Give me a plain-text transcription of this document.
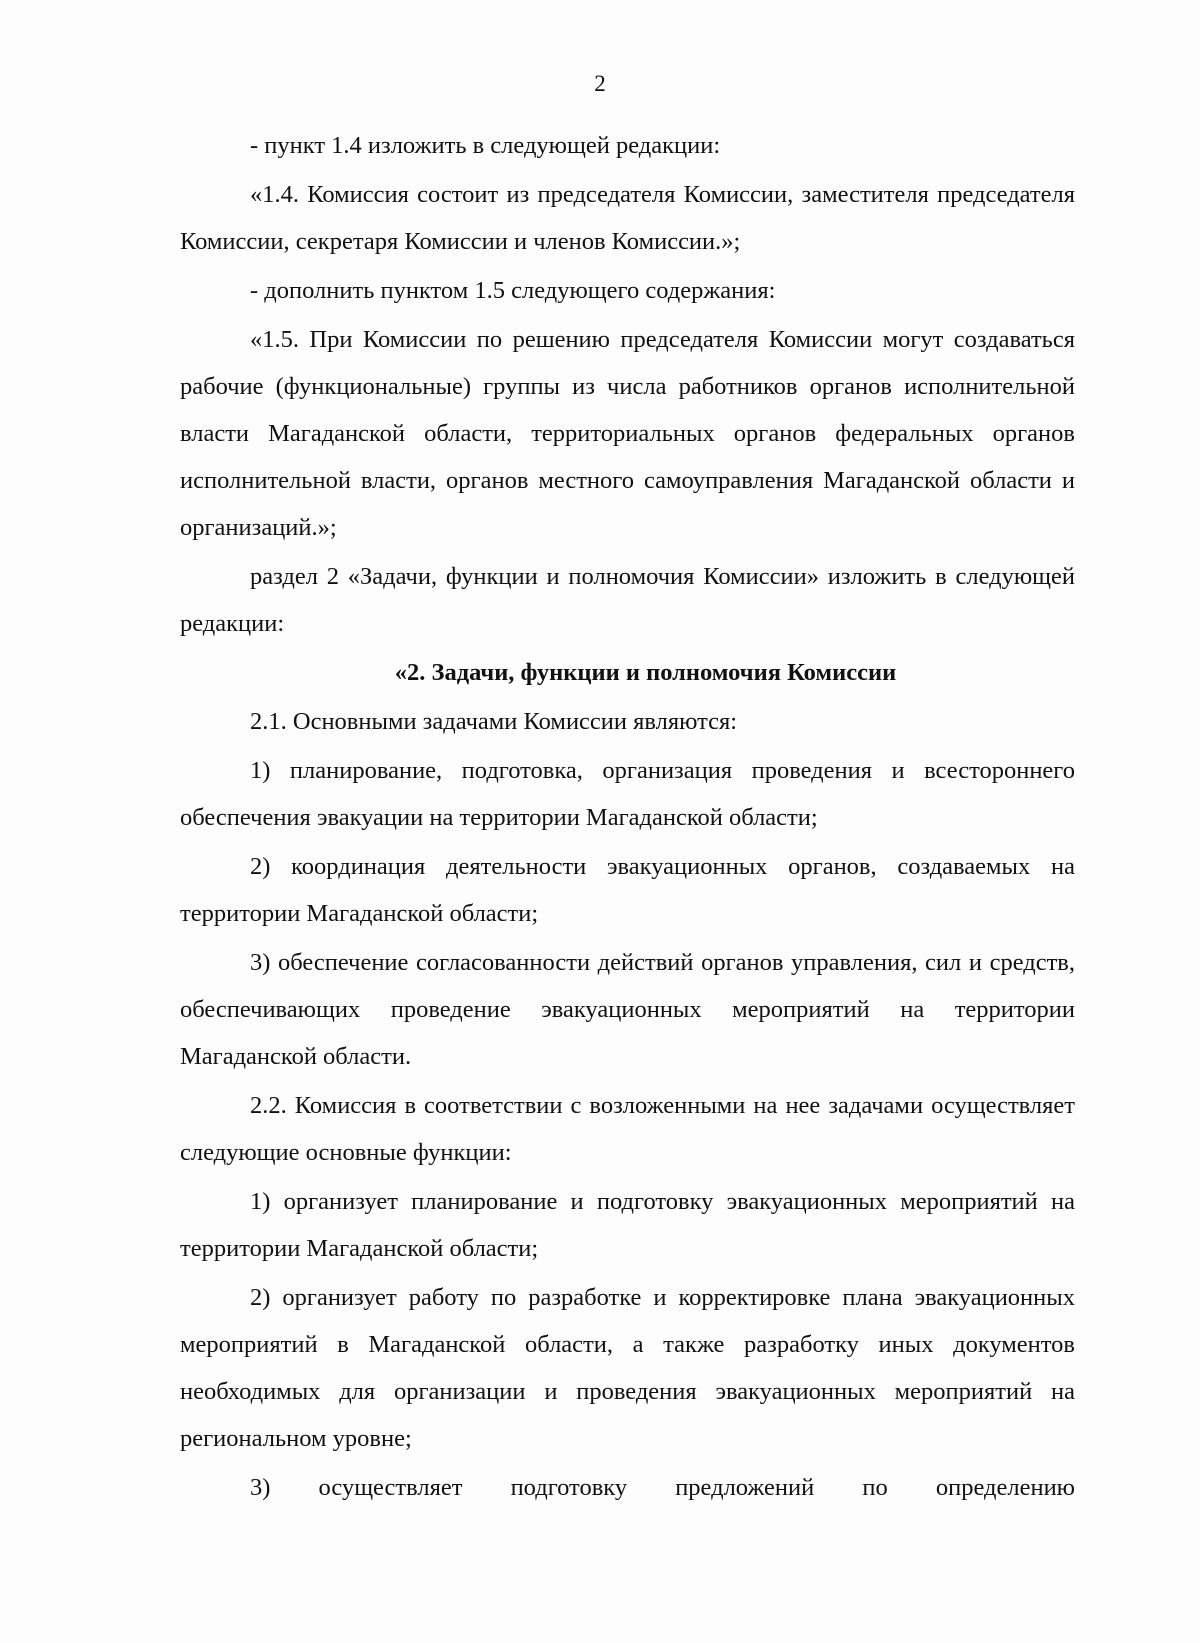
2

- пункт 1.4 изложить в следующей редакции:

«1.4. Комиссия состоит из председателя Комиссии, заместителя председателя Комиссии, секретаря Комиссии и членов Комиссии.»;

- дополнить пунктом 1.5 следующего содержания:

«1.5. При Комиссии по решению председателя Комиссии могут создаваться рабочие (функциональные) группы из числа работников органов исполнительной власти Магаданской области, территориальных органов федеральных органов исполнительной власти, органов местного самоуправления Магаданской области и организаций.»;

раздел 2 «Задачи, функции и полномочия Комиссии» изложить в следующей редакции:

«2. Задачи, функции и полномочия Комиссии

2.1. Основными задачами Комиссии являются:

1) планирование, подготовка, организация проведения и всестороннего обеспечения эвакуации на территории Магаданской области;

2) координация деятельности эвакуационных органов, создаваемых на территории Магаданской области;

3) обеспечение согласованности действий органов управления, сил и средств, обеспечивающих проведение эвакуационных мероприятий на территории Магаданской области.

2.2. Комиссия в соответствии с возложенными на нее задачами осуществляет следующие основные функции:

1) организует планирование и подготовку эвакуационных мероприятий на территории Магаданской области;

2) организует работу по разработке и корректировке плана эвакуационных мероприятий в Магаданской области, а также разработку иных документов необходимых для организации и проведения эвакуационных мероприятий на региональном уровне;

3) осуществляет подготовку предложений по определению
